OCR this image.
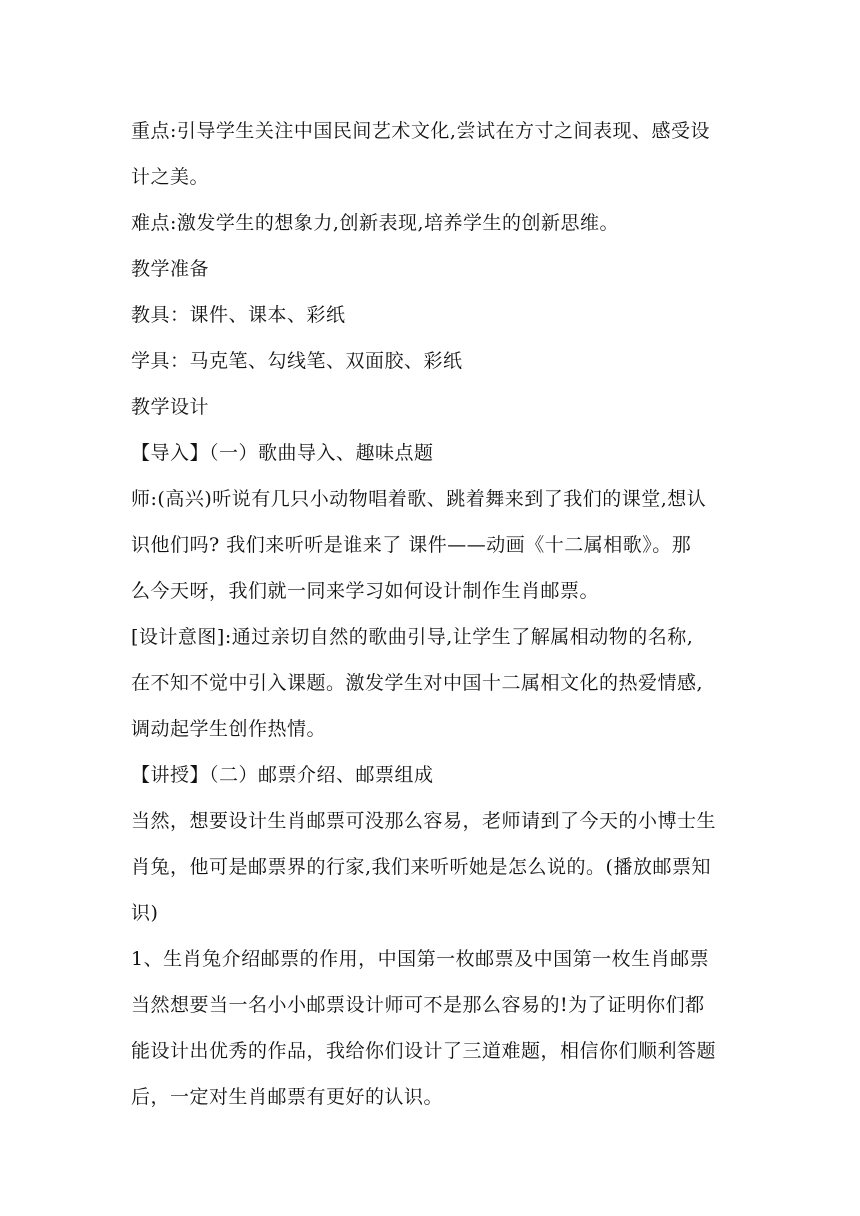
重点:引导学生关注中国民间艺术文化,尝试在方寸之间表现、感受设
计之美。

难点:激发学生的想象力,创新表现,培养学生的创新思维。

教学准备

教具：课件、课本、彩纸

学具：马克笔、勾线笔、双面胶、彩纸

教学设计

【导入】（一）歌曲导入、趣味点题

师:(高兴)听说有几只小动物唱着歌、跳着舞来到了我们的课堂,想认
识他们吗? 我们来听听是谁来了 课件——动画《十二属相歌》。那
么今天呀，我们就一同来学习如何设计制作生肖邮票。

[设计意图]:通过亲切自然的歌曲引导,让学生了解属相动物的名称,
在不知不觉中引入课题。激发学生对中国十二属相文化的热爱情感,
调动起学生创作热情。

【讲授】（二）邮票介绍、邮票组成

当然，想要设计生肖邮票可没那么容易，老师请到了今天的小博士生
肖兔，他可是邮票界的行家,我们来听听她是怎么说的。(播放邮票知
识)

1、生肖兔介绍邮票的作用，中国第一枚邮票及中国第一枚生肖邮票
当然想要当一名小小邮票设计师可不是那么容易的!为了证明你们都
能设计出优秀的作品，我给你们设计了三道难题，相信你们顺利答题
后，一定对生肖邮票有更好的认识。
